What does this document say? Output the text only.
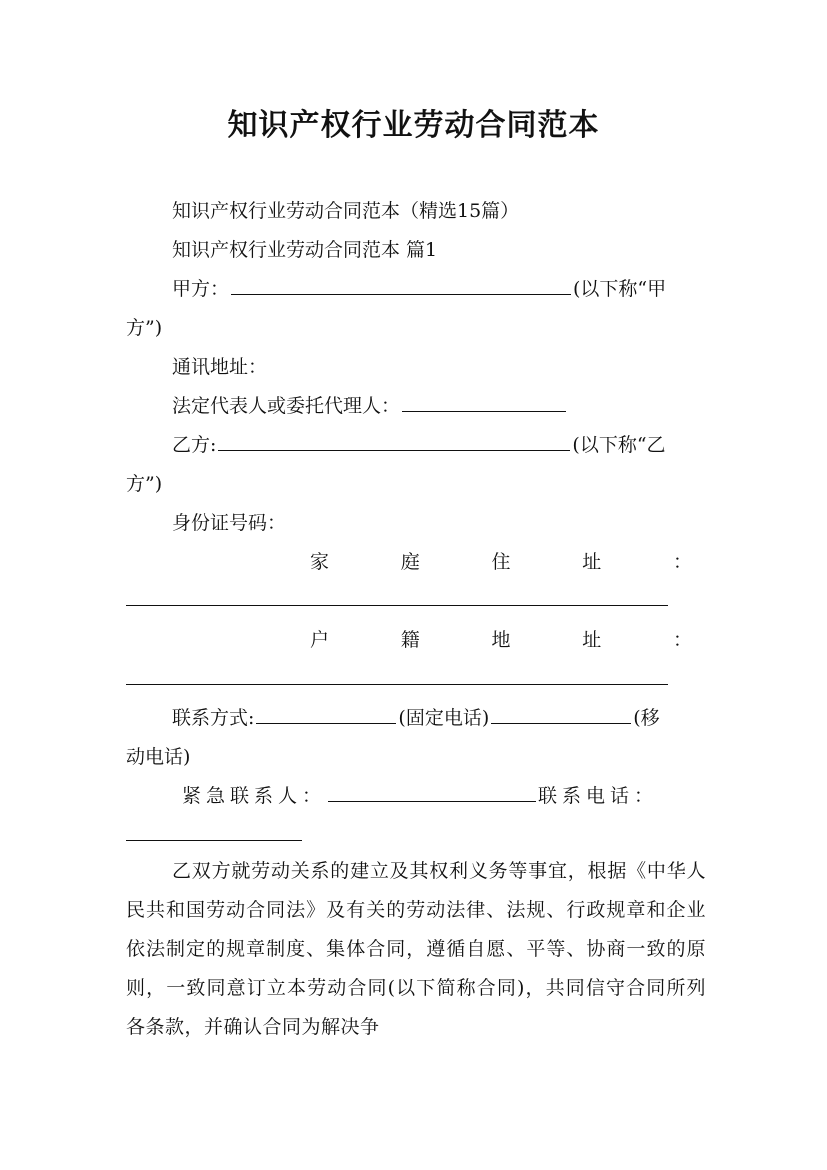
知识产权行业劳动合同范本
知识产权行业劳动合同范本（精选15篇）
知识产权行业劳动合同范本 篇1
甲方：	(以下称“甲
方”)
通讯地址：
法定代表人或委托代理人：
乙方:	(以下称“乙
方”)
身份证号码：
家	庭	住	址	：
户	籍	地	址	：
联系方式:	(固定电话)	(移
动电话)
紧急联系人：	联系电话：
乙双方就劳动关系的建立及其权利义务等事宜，根据《中华人民共和国劳动合同法》及有关的劳动法律、法规、行政规章和企业依法制定的规章制度、集体合同，遵循自愿、平等、协商一致的原则，一致同意订立本劳动合同(以下简称合同)，共同信守合同所列各条款，并确认合同为解决争
